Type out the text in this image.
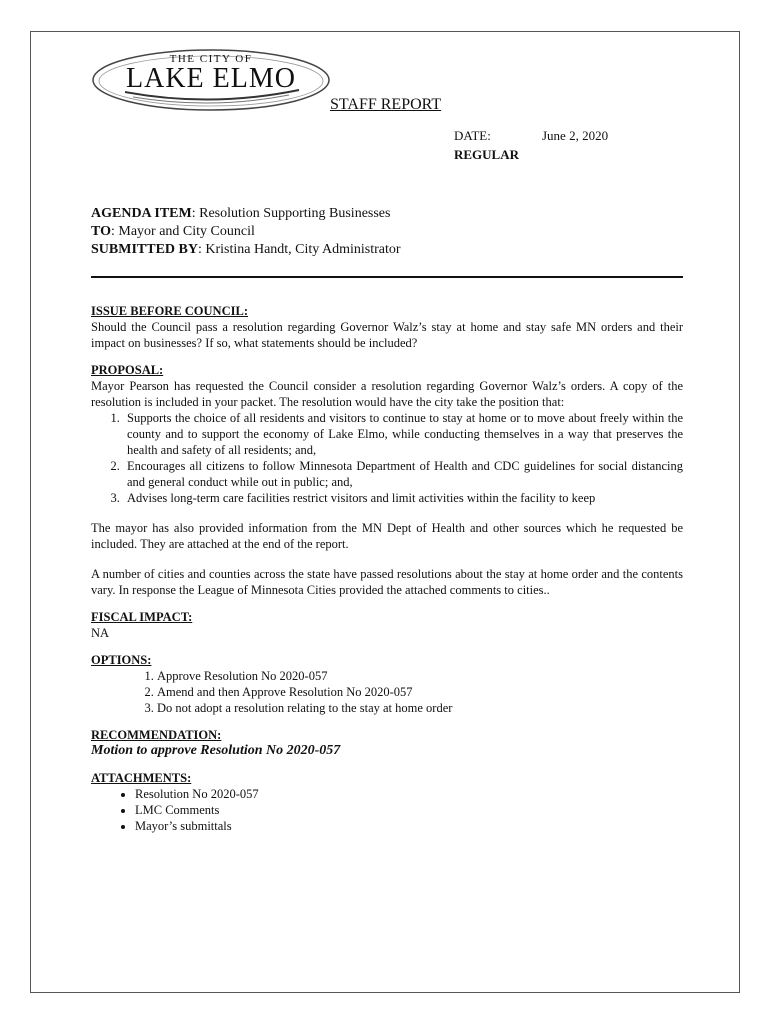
THE CITY OF
LAKE ELMO
STAFF REPORT
DATE:	June 2, 2020
REGULAR
AGENDA ITEM: Resolution Supporting Businesses
TO: Mayor and City Council
SUBMITTED BY: Kristina Handt, City Administrator
ISSUE BEFORE COUNCIL:

Should the Council pass a resolution regarding Governor Walz’s stay at home and stay safe MN orders and their impact on businesses? If so, what statements should be included?

PROPOSAL:

Mayor Pearson has requested the Council consider a resolution regarding Governor Walz’s orders. A copy of the resolution is included in your packet. The resolution would have the city take the position that:

1. Supports the choice of all residents and visitors to continue to stay at home or to move about freely within the county and to support the economy of Lake Elmo, while conducting themselves in a way that preserves the health and safety of all residents; and,
2. Encourages all citizens to follow Minnesota Department of Health and CDC guidelines for social distancing and general conduct while out in public; and,
3. Advises long-term care facilities restrict visitors and limit activities within the facility to keep

The mayor has also provided information from the MN Dept of Health and other sources which he requested be included. They are attached at the end of the report.

A number of cities and counties across the state have passed resolutions about the stay at home order and the contents vary. In response the League of Minnesota Cities provided the attached comments to cities..

FISCAL IMPACT:

NA

OPTIONS:
1. Approve Resolution No 2020-057
2. Amend and then Approve Resolution No 2020-057
3. Do not adopt a resolution relating to the stay at home order
RECOMMENDATION:

Motion to approve Resolution No 2020-057

ATTACHMENTS:
• Resolution No 2020-057
• LMC Comments
• Mayor’s submittals
